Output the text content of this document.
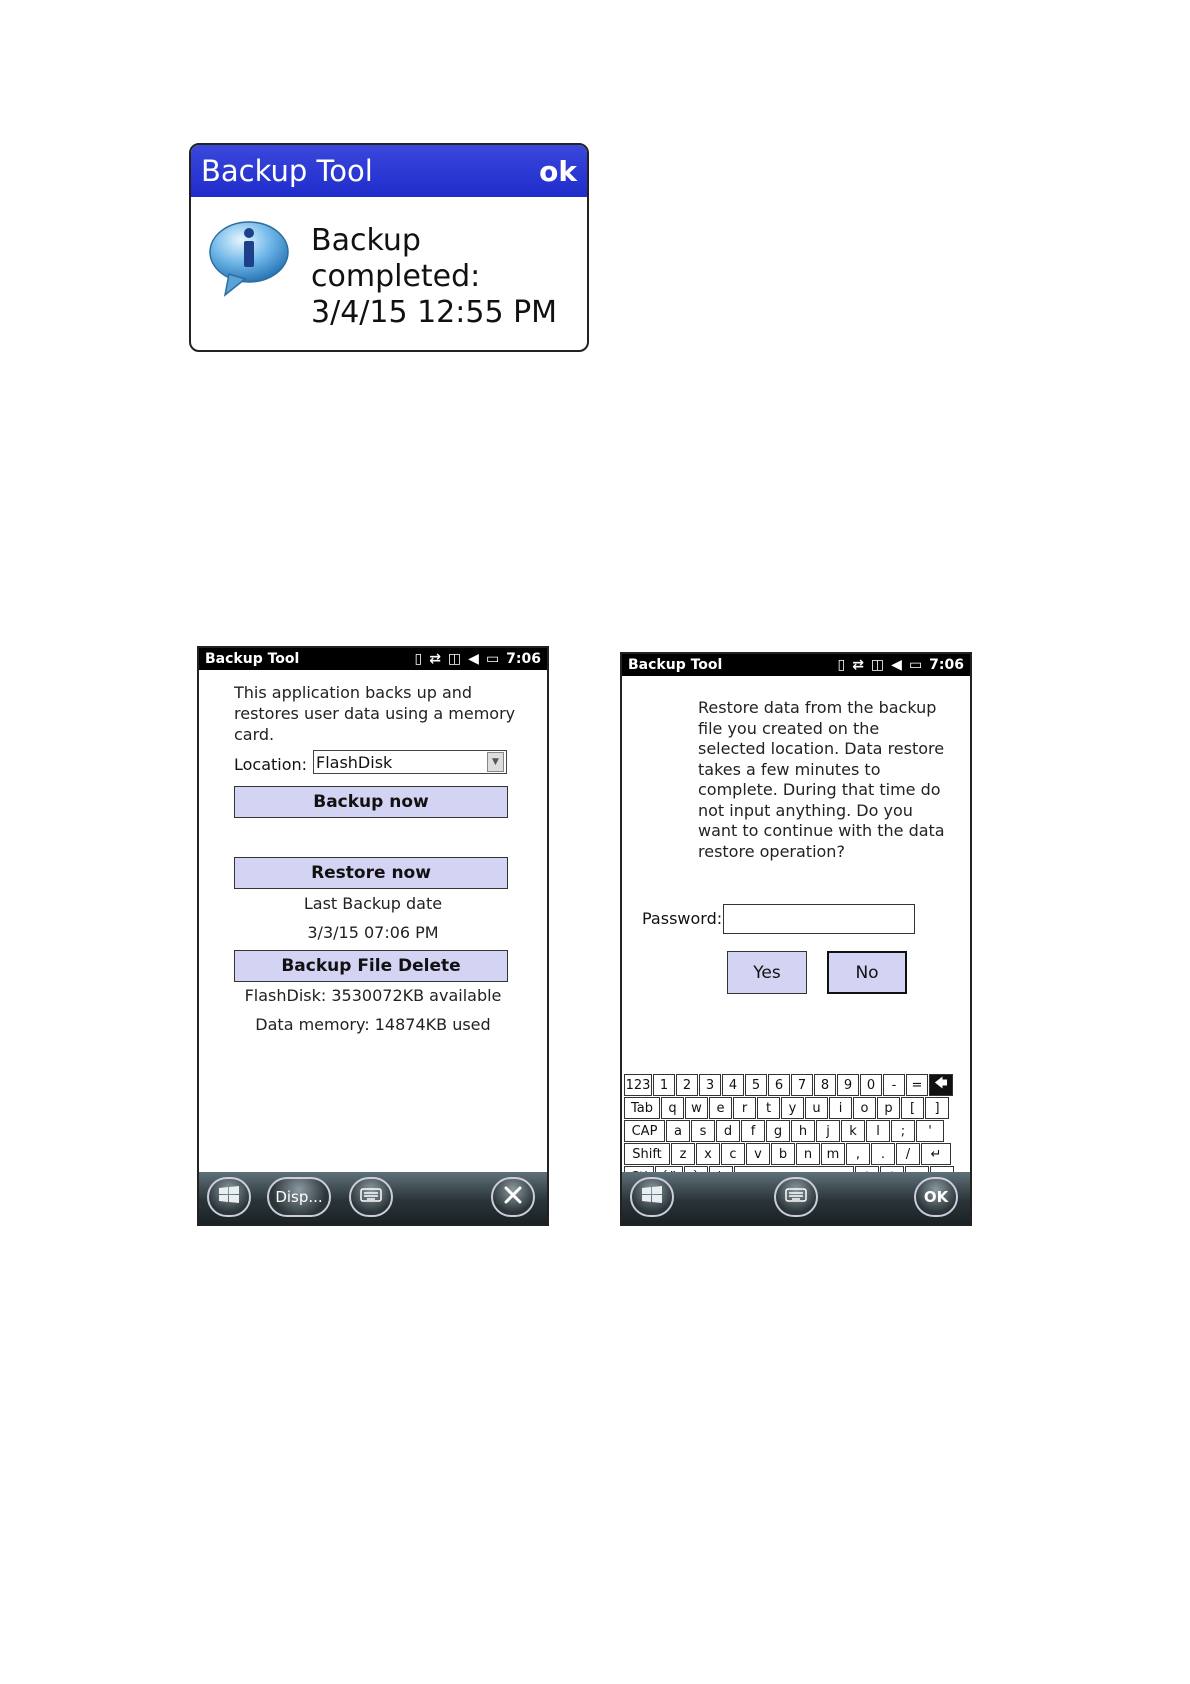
Backup Tool	ok
Backup completed:
3/4/15 12:55 PM
Backup Tool	▯ ⇄ ◫ ◀ ▭ 7:06
This application backs up and restores user data using a memory card.
Location: FlashDisk	▼
Backup now
Restore now
Last Backup date
3/3/15 07:06 PM
Backup File Delete
FlashDisk: 3530072KB available
Data memory: 14874KB used
Disp...
Backup Tool	▯ ⇄ ◫ ◀ ▭ 7:06
Restore data from the backup file you created on the selected location. Data restore takes a few minutes to complete. During that time do not input anything. Do you want to continue with the data restore operation?
Password:
Yes	No
123 1	2	3	4	5	6	7	8	9	0	-	= 🡄
Tab	q	w	e	r	t	y	u	i	o	p	[	]
CAP	a	s	d	f	g	h	j	k	l	;	'
Shift	z	x	c	v	b	n	m	,	.	/	↵
OK
